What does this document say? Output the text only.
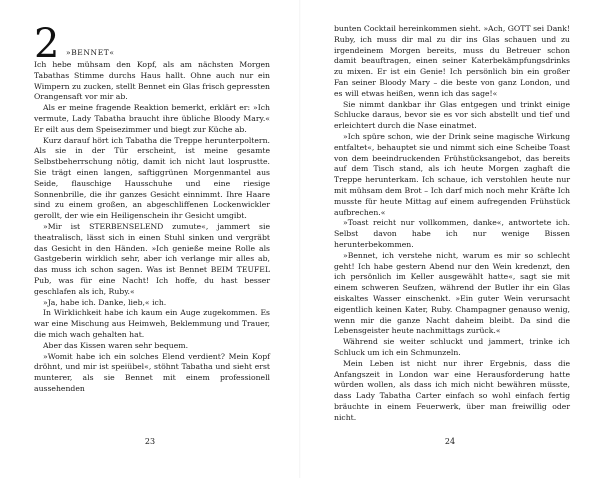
2 »BENNET«

Ich hebe mühsam den Kopf, als am nächsten Morgen Tabathas Stimme durchs Haus hallt. Ohne auch nur ein Wimpern zu zucken, stellt Bennet ein Glas frisch gepressten Orangensaft vor mir ab.

Als er meine fragende Reaktion bemerkt, erklärt er: »Ich vermute, Lady Tabatha braucht ihre übliche Bloody Mary.« Er eilt aus dem Speisezimmer und biegt zur Küche ab.

Kurz darauf hört ich Tabatha die Treppe herunterpoltern. Als sie in der Tür erscheint, ist meine gesamte Selbstbeherrschung nötig, damit ich nicht laut losprustte. Sie trägt einen langen, saftiggrünen Morgenmantel aus Seide, flauschige Hausschuhe und eine riesige Sonnenbrille, die ihr ganzes Gesicht einnimmt. Ihre Haare sind zu einem großen, an abgeschliffenen Lockenwickler gerollt, der wie ein Heiligenschein ihr Gesicht umgibt.

»Mir ist STERBENSELEND zumute«, jammert sie theatralisch, lässt sich in einen Stuhl sinken und vergräbt das Gesicht in den Händen. »Ich genieße meine Rolle als Gastgeberin wirklich sehr, aber ich verlange mir alles ab, das muss ich schon sagen. Was ist Bennet BEIM TEUFEL Pub, was für eine Nacht! Ich hoffe, du hast besser geschlafen als ich, Ruby.«

»Ja, habe ich. Danke, lieb,« ich.

In Wirklichkeit habe ich kaum ein Auge zugekommen. Es war eine Mischung aus Heimweh, Beklemmung und Trauer, die mich wach gehalten hat.

Aber das Kissen waren sehr bequem.

»Womit habe ich ein solches Elend verdient? Mein Kopf dröhnt, und mir ist speiübel«, stöhnt Tabatha und sieht erst munterer, als sie Bennet mit einem professionell aussehenden

23

bunten Cocktail hereinkommen sieht. »Ach, GOTT sei Dank! Ruby, ich muss dir mal zu dir ins Glas schauen und zu irgendeinem Morgen bereits, muss du Betreuer schon damit beauftragen, einen seiner Katerbekämpfungsdrinks zu mixen. Er ist ein Genie! Ich persönlich bin ein großer Fan seiner Bloody Mary – die beste von ganz London, und es will etwas heißen, wenn ich das sage!«

Sie nimmt dankbar ihr Glas entgegen und trinkt einige Schlucke daraus, bevor sie es vor sich abstellt und tief und erleichtert durch die Nase einatmet.

»Ich spüre schon, wie der Drink seine magische Wirkung entfaltet«, behauptet sie und nimmt sich eine Scheibe Toast von dem beeindruckenden Frühstücksangebot, das bereits auf dem Tisch stand, als ich heute Morgen zaghaft die Treppe herunterkam. Ich schaue, ich verstohlen heute nur mit mühsam dem Brot – Ich darf mich noch mehr Kräfte Ich musste für heute Mittag auf einem aufregenden Frühstück aufbrechen.«

»Toast reicht nur vollkommen, danke«, antwortete ich. Selbst davon habe ich nur wenige Bissen herunterbekommen.

»Bennet, ich verstehe nicht, warum es mir so schlecht geht! Ich habe gestern Abend nur den Wein kredenzt, den ich persönlich im Keller ausgewählt hatte«, sagt sie mit einem schweren Seufzen, während der Butler ihr ein Glas eiskaltes Wasser einschenkt. »Ein guter Wein verursacht eigentlich keinen Kater, Ruby. Champagner genauso wenig, wenn mir die ganze Nacht daheim bleibt. Da sind die Lebensgeister heute nachmittags zurück.«

Während sie weiter schluckt und jammert, trinke ich Schluck um ich ein Schmunzeln.

Mein Leben ist nicht nur ihrer Ergebnis, dass die Anfangszeit in London war eine Herausforderung hatte würden wollen, als dass ich mich nicht bewähren müsste, dass Lady Tabatha Carter einfach so wohl einfach fertig bräuchte in einem Feuerwerk, über man freiwillig oder nicht.

24
